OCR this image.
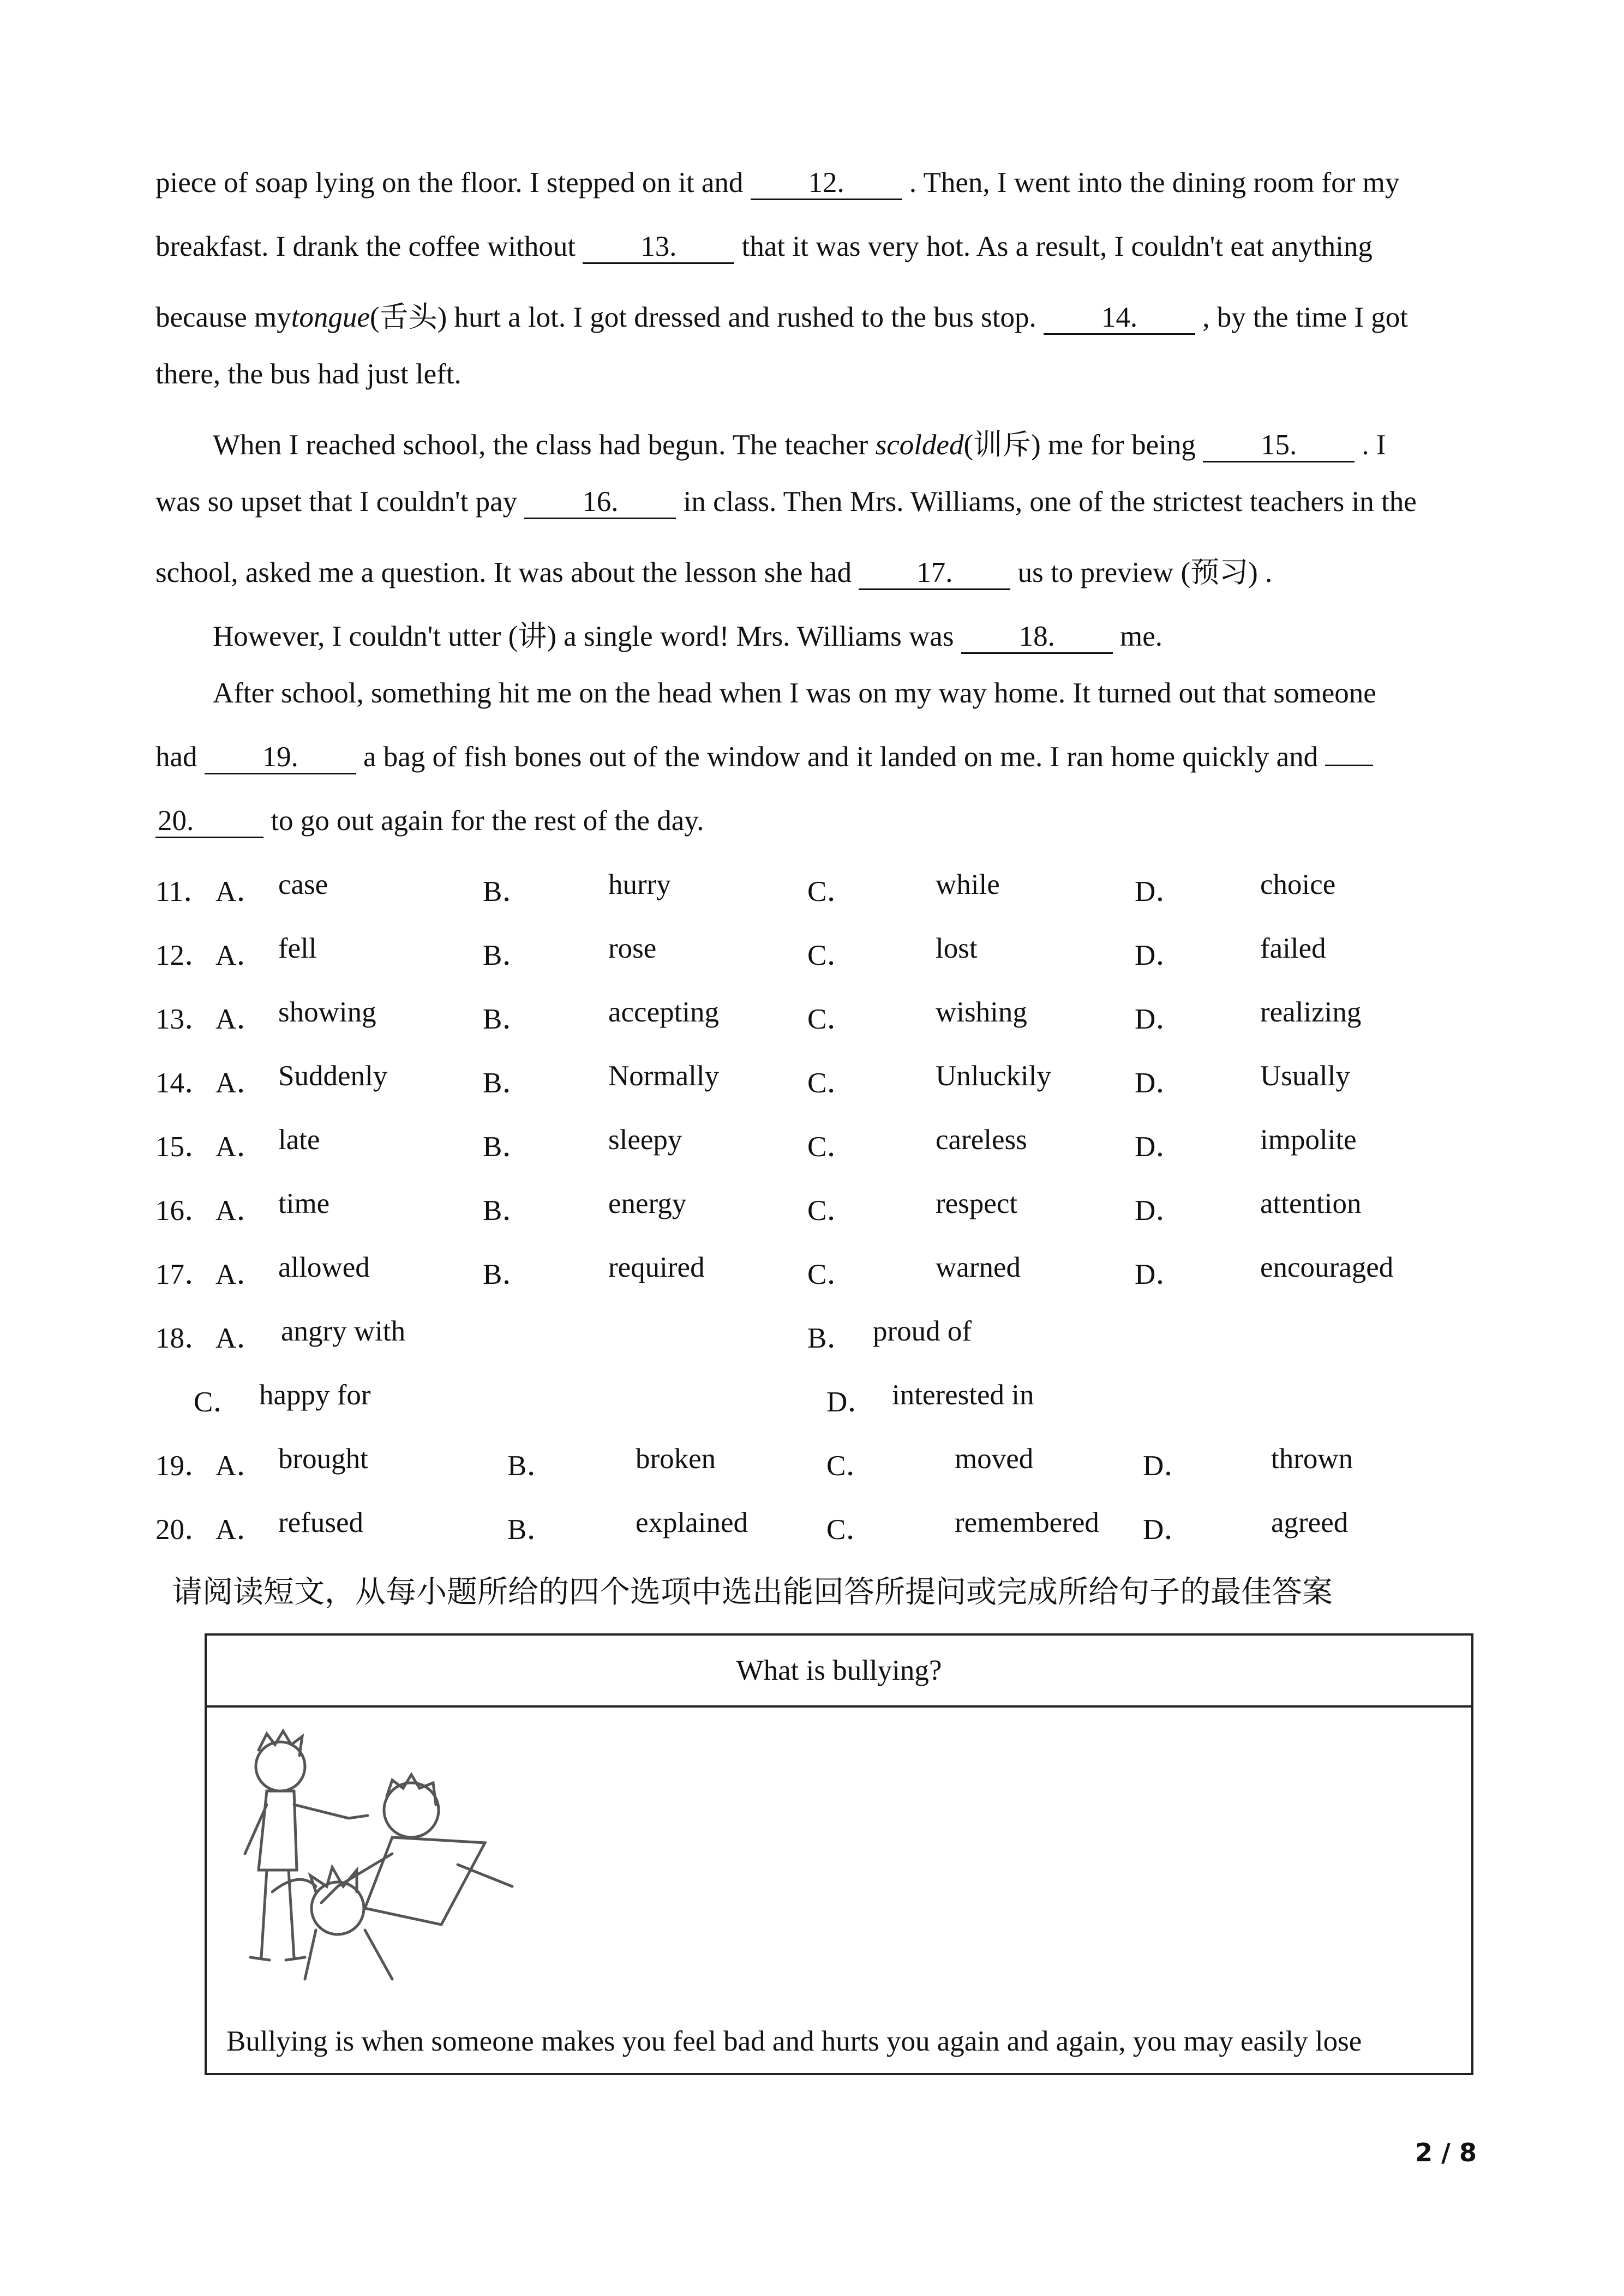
piece of soap lying on the floor. I stepped on it and 12. . Then, I went into the dining room for my
breakfast. I drank the coffee without 13. that it was very hot. As a result, I couldn't eat anything
because mytongue(舌头) hurt a lot. I got dressed and rushed to the bus stop. 14. , by the time I got
there, the bus had just left.
When I reached school, the class had begun. The teacher scolded(训斥) me for being 15. . I
was so upset that I couldn't pay 16. in class. Then Mrs. Williams, one of the strictest teachers in the
school, asked me a question. It was about the lesson she had 17. us to preview (预习) .
However, I couldn't utter (讲) a single word! Mrs. Williams was 18. me.
After school, something hit me on the head when I was on my way home. It turned out that someone
had 19. a bag of fish bones out of the window and it landed on me. I ran home quickly and
20.	to go out again for the rest of the day.
11． A． case	B．	hurry	C．	while	D．	choice
12． A． fell	B．	rose	C．	lost	D．	failed
13． A． showing	B．	accepting	C．	wishing	D．	realizing
14． A． Suddenly	B．	Normally	C．	Unluckily	D．	Usually
15． A． late	B．	sleepy	C．	careless	D．	impolite
16． A． time	B．	energy	C．	respect	D．	attention
17． A． allowed	B．	required	C．	warned	D．	encouraged
18． A． angry with	B． proud of
C． happy for	D． interested in
19． A． brought	B．	broken	C．	moved	D．	thrown
20． A． refused	B．	explained	C．	remembered D．	agreed
请阅读短文，从每小题所给的四个选项中选出能回答所提问或完成所给句子的最佳答案
What is bullying?
Bullying is when someone makes you feel bad and hurts you again and again, you may easily lose
2 / 8
